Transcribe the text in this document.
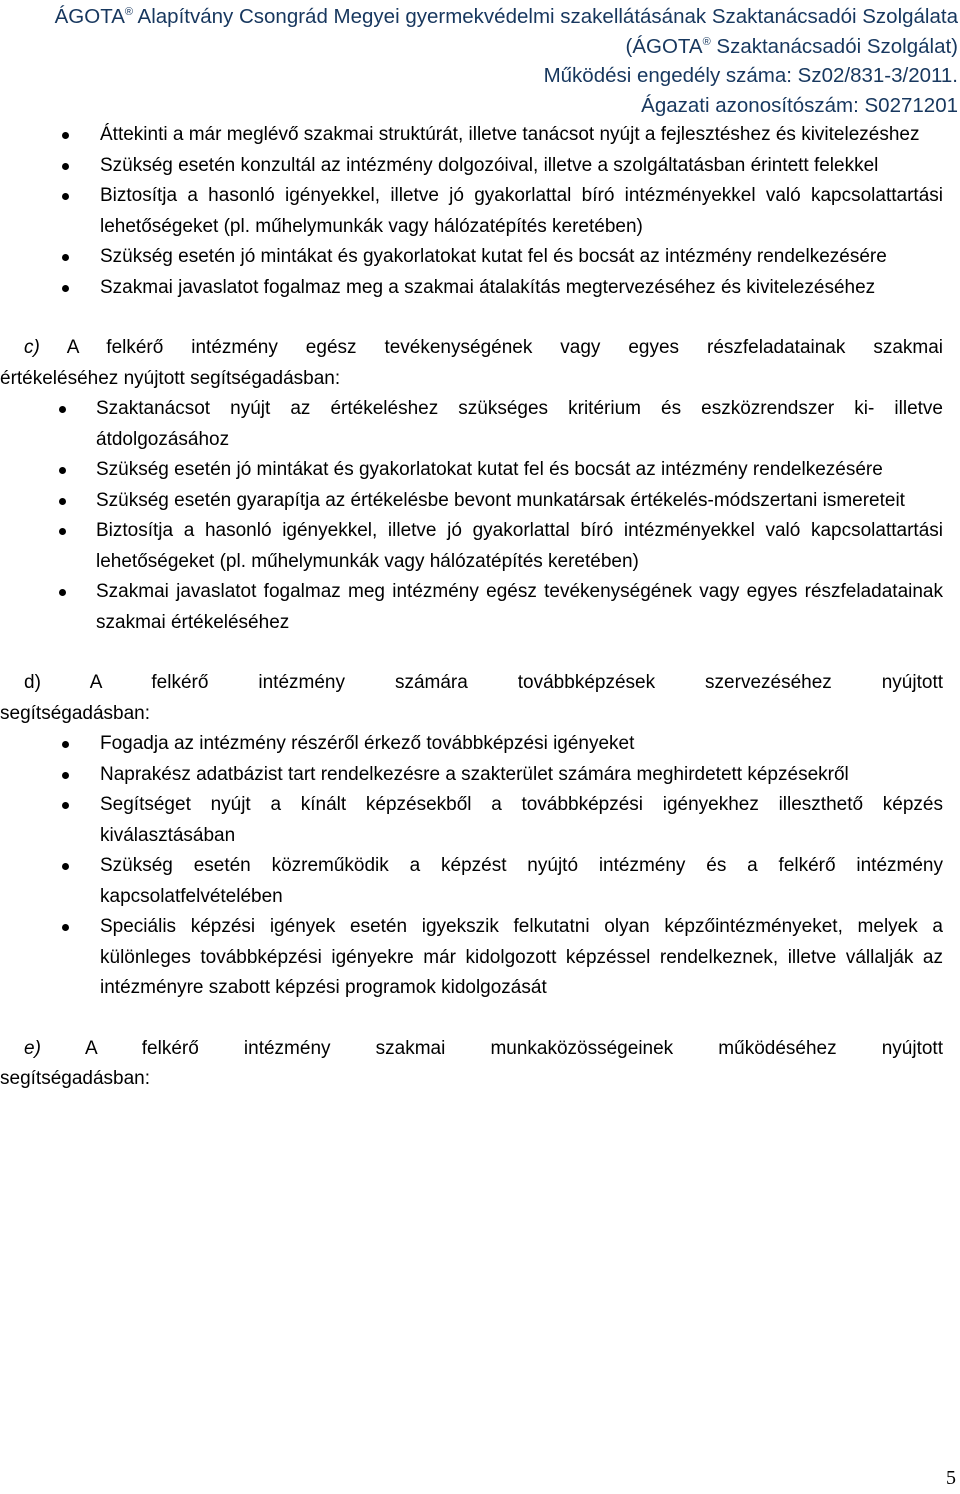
ÁGOTA® Alapítvány Csongrád Megyei gyermekvédelmi szakellátásának Szaktanácsadói Szolgálata
(ÁGOTA® Szaktanácsadói Szolgálat)
Működési engedély száma: Sz02/831-3/2011.
Ágazati azonosítószám: S0271201
Áttekinti a már meglévő szakmai struktúrát, illetve tanácsot nyújt a fejlesztéshez és kivitelezéshez
Szükség esetén konzultál az intézmény dolgozóival, illetve a szolgáltatásban érintett felekkel
Biztosítja a hasonló igényekkel, illetve jó gyakorlattal bíró intézményekkel való kapcsolattartási lehetőségeket (pl. műhelymunkák vagy hálózatépítés keretében)
Szükség esetén jó mintákat és gyakorlatokat kutat fel és bocsát az intézmény rendelkezésére
Szakmai javaslatot fogalmaz meg a szakmai átalakítás megtervezéséhez és kivitelezéséhez

c) A felkérő intézmény egész tevékenységének vagy egyes részfeladatainak szakmai

értékeléséhez nyújtott segítségadásban:

Szaktanácsot nyújt az értékeléshez szükséges kritérium és eszközrendszer ki- illetve átdolgozásához
Szükség esetén jó mintákat és gyakorlatokat kutat fel és bocsát az intézmény rendelkezésére
Szükség esetén gyarapítja az értékelésbe bevont munkatársak értékelés-módszertani ismereteit
Biztosítja a hasonló igényekkel, illetve jó gyakorlattal bíró intézményekkel való kapcsolattartási lehetőségeket (pl. műhelymunkák vagy hálózatépítés keretében)
Szakmai javaslatot fogalmaz meg intézmény egész tevékenységének vagy egyes részfeladatainak szakmai értékeléséhez

d) A felkérő intézmény számára továbbképzések szervezéséhez nyújtott

segítségadásban:

Fogadja az intézmény részéről érkező továbbképzési igényeket
Naprakész adatbázist tart rendelkezésre a szakterület számára meghirdetett képzésekről
Segítséget nyújt a kínált képzésekből a továbbképzési igényekhez illeszthető képzés kiválasztásában
Szükség esetén közreműködik a képzést nyújtó intézmény és a felkérő intézmény kapcsolatfelvételében
Speciális képzési igények esetén igyekszik felkutatni olyan képzőintézményeket, melyek a különleges továbbképzési igényekre már kidolgozott képzéssel rendelkeznek, illetve vállalják az intézményre szabott képzési programok kidolgozását

e) A felkérő intézmény szakmai munkaközösségeinek működéséhez nyújtott

segítségadásban:

5
